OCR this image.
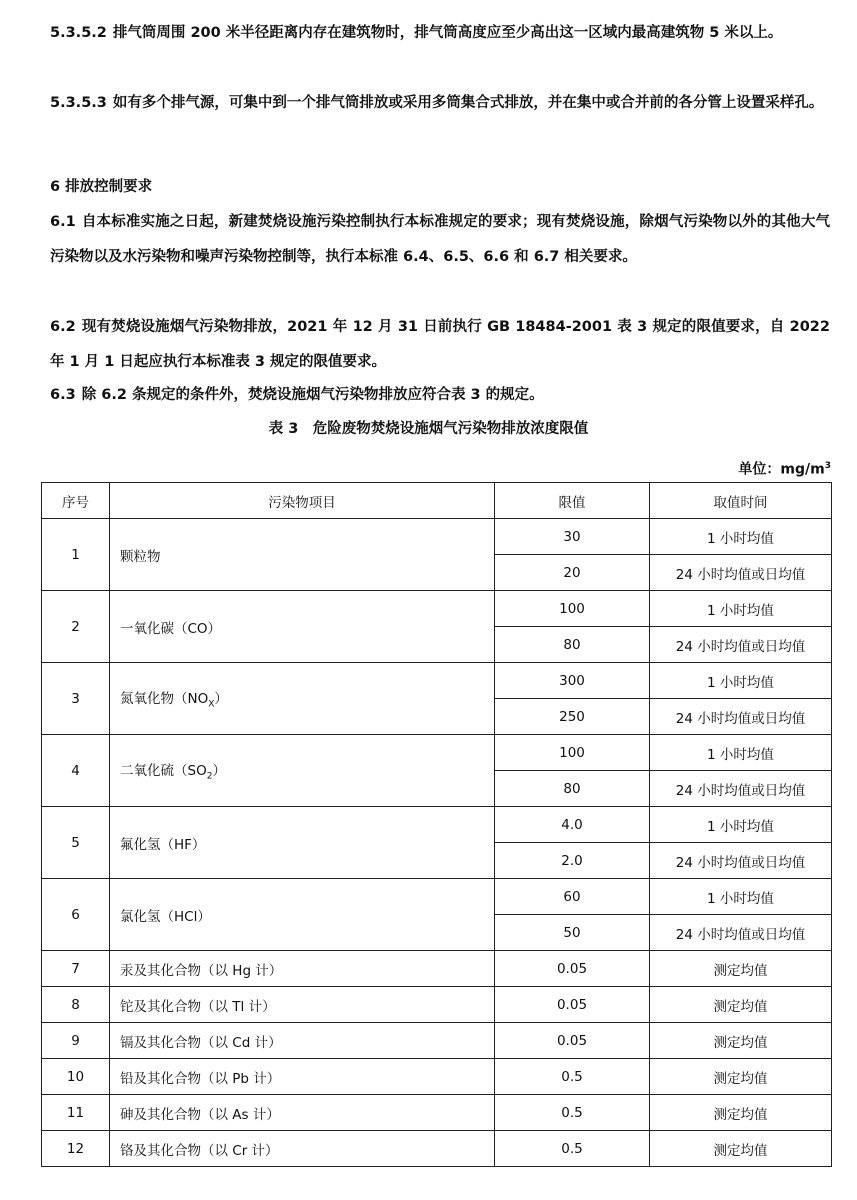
5.3.5.2 排气筒周围 200 米半径距离内存在建筑物时，排气筒高度应至少高出这一区域内最高建筑物 5 米以上。
5.3.5.3 如有多个排气源，可集中到一个排气筒排放或采用多筒集合式排放，并在集中或合并前的各分管上设置采样孔。
6 排放控制要求
6.1 自本标准实施之日起，新建焚烧设施污染控制执行本标准规定的要求；现有焚烧设施，除烟气污染物以外的其他大气污染物以及水污染物和噪声污染物控制等，执行本标准 6.4、6.5、6.6 和 6.7 相关要求。
6.2 现有焚烧设施烟气污染物排放，2021 年 12 月 31 日前执行 GB 18484-2001 表 3 规定的限值要求，自 2022 年 1 月 1 日起应执行本标准表 3 规定的限值要求。
6.3 除 6.2 条规定的条件外，焚烧设施烟气污染物排放应符合表 3 的规定。
表 3　危险废物焚烧设施烟气污染物排放浓度限值
单位：$mg/m^3$
序号	污染物项目	限值	取值时间
1	颗粒物	30	1 小时均值
		20	24 小时均值或日均值
2	一氧化碳（CO）	100	1 小时均值
		80	24 小时均值或日均值
3	氮氧化物$(NO_X)$	300	1 小时均值
		250	24 小时均值或日均值
4	二氧化硫$(SO_2)$	100	1 小时均值
		80	24 小时均值或日均值
5	氟化氢（HF）	4.0	1 小时均值
		2.0	24 小时均值或日均值
6	氯化氢（HCl）	60	1 小时均值
		50	24 小时均值或日均值
7	汞及其化合物（以 Hg 计）	0.05	测定均值
8	铊及其化合物（以 Tl 计）	0.05	测定均值
9	镉及其化合物（以 Cd 计）	0.05	测定均值
10	铅及其化合物（以 Pb 计）	0.5	测定均值
11	砷及其化合物（以 As 计）	0.5	测定均值
12	铬及其化合物（以 Cr 计）	0.5	测定均值
